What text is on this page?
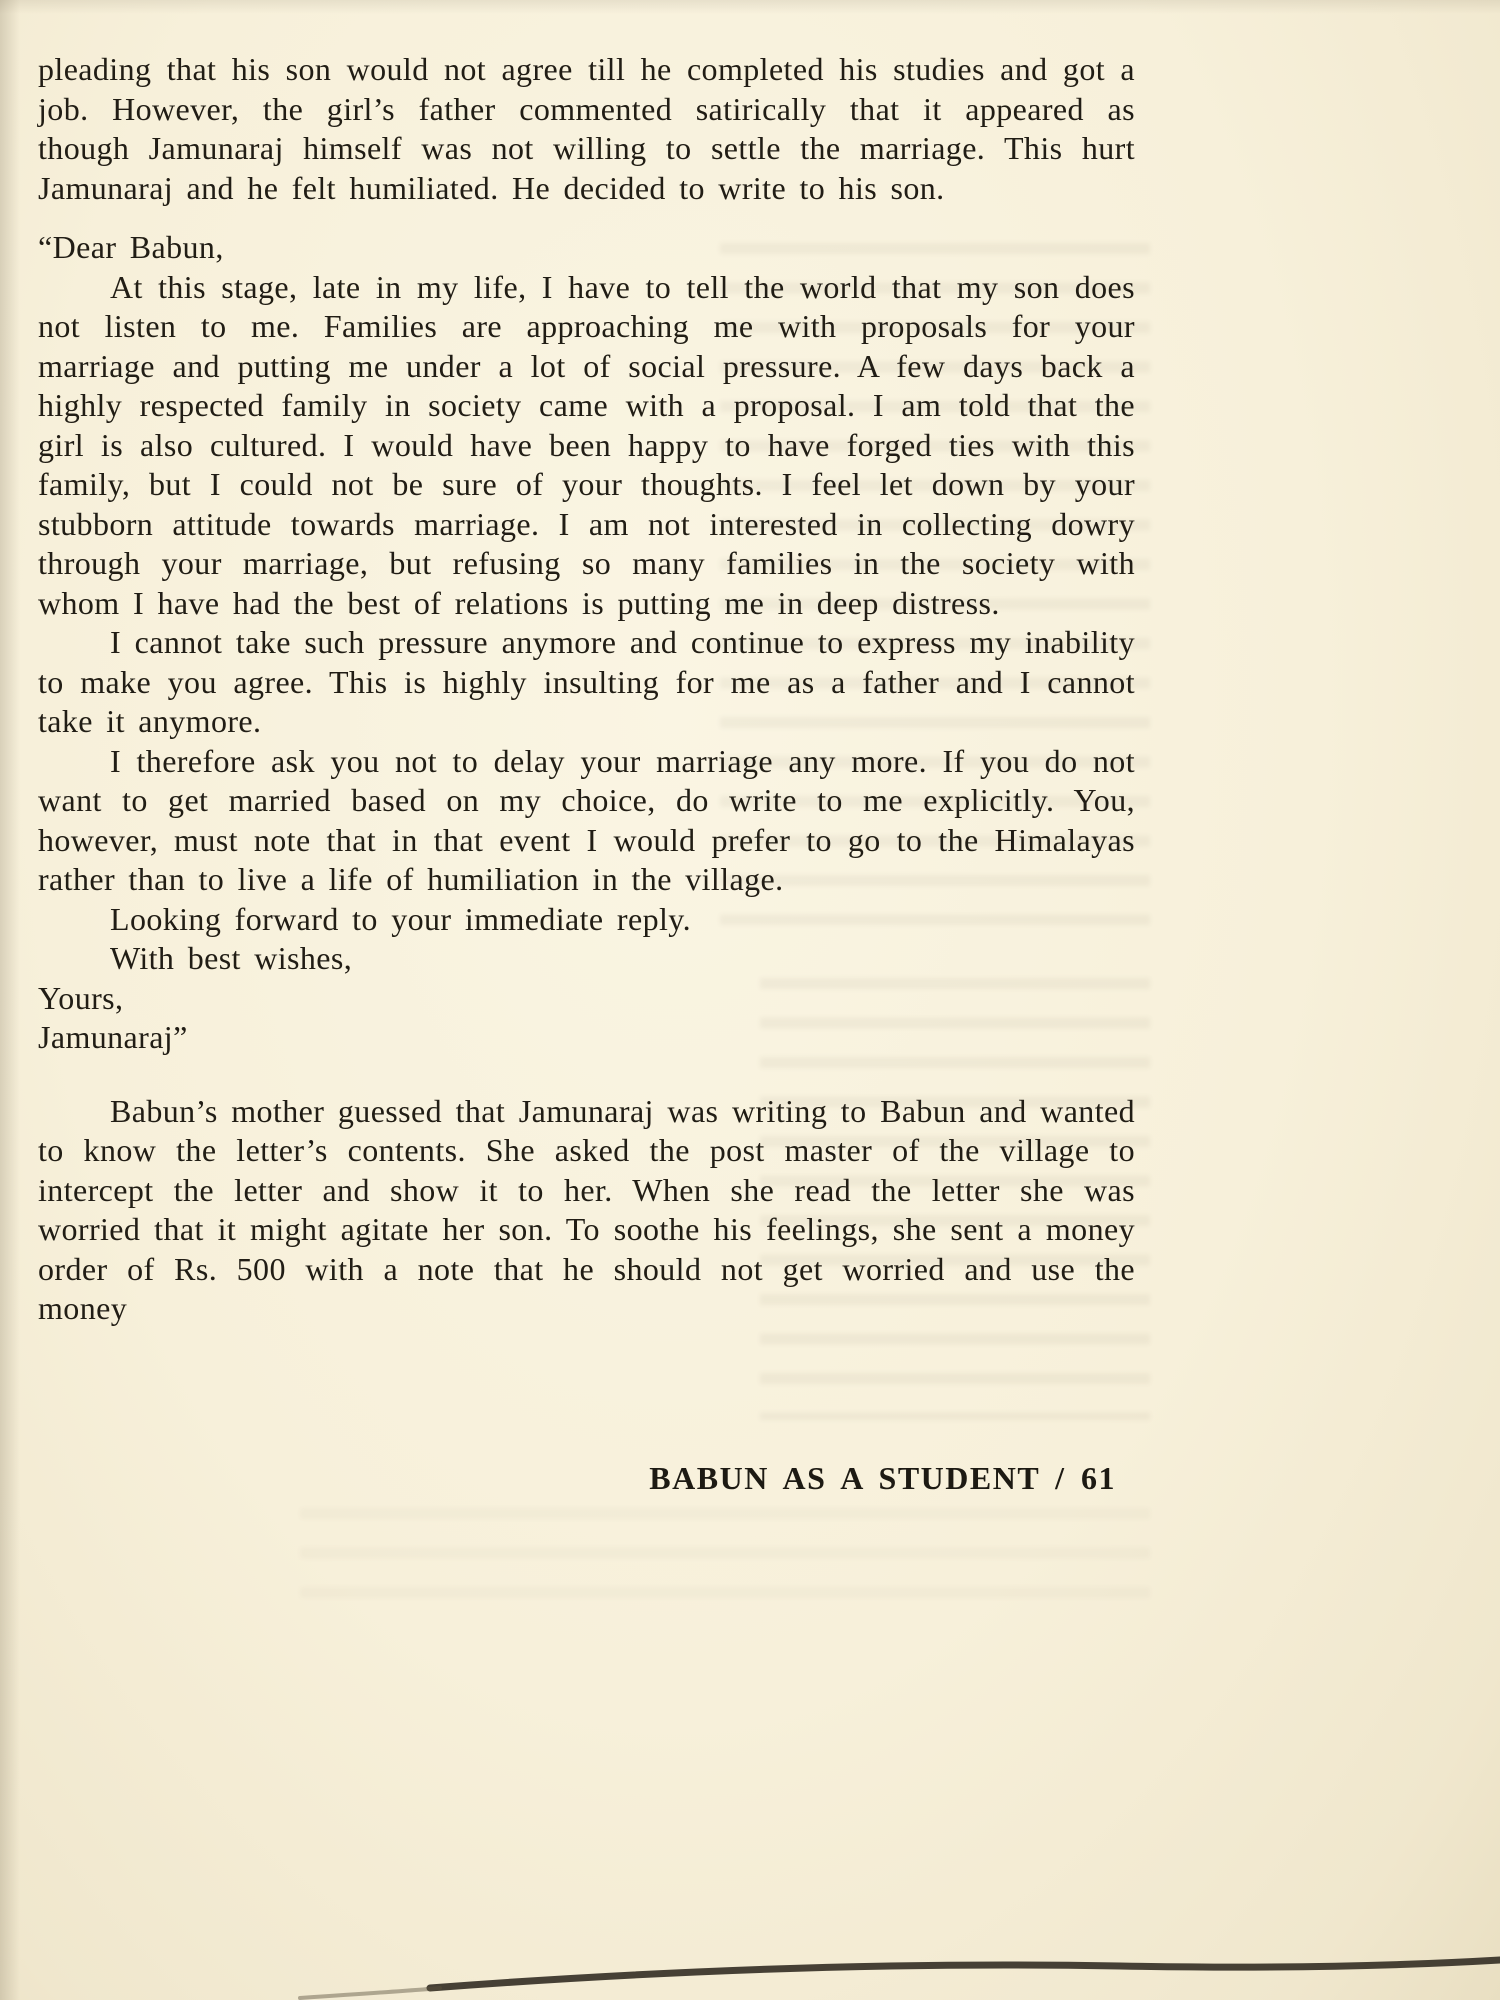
pleading that his son would not agree till he completed his studies and got a job. However, the girl’s father commented satirically that it appeared as though Jamunaraj himself was not willing to settle the marriage. This hurt Jamunaraj and he felt humiliated. He decided to write to his son.

“Dear Babun,

At this stage, late in my life, I have to tell the world that my son does not listen to me. Families are approaching me with proposals for your marriage and putting me under a lot of social pressure. A few days back a highly respected family in society came with a proposal. I am told that the girl is also cultured. I would have been happy to have forged ties with this family, but I could not be sure of your thoughts. I feel let down by your stubborn attitude towards marriage. I am not interested in collecting dowry through your marriage, but refusing so many families in the society with whom I have had the best of relations is putting me in deep distress.

I cannot take such pressure anymore and continue to express my inability to make you agree. This is highly insulting for me as a father and I cannot take it anymore.

I therefore ask you not to delay your marriage any more. If you do not want to get married based on my choice, do write to me explicitly. You, however, must note that in that event I would prefer to go to the Himalayas rather than to live a life of humiliation in the village.

Looking forward to your immediate reply.

With best wishes,

Yours,

Jamunaraj”

Babun’s mother guessed that Jamunaraj was writing to Babun and wanted to know the letter’s contents. She asked the post master of the village to intercept the letter and show it to her. When she read the letter she was worried that it might agitate her son. To soothe his feelings, she sent a money order of Rs. 500 with a note that he should not get worried and use the money

BABUN AS A STUDENT / 61
